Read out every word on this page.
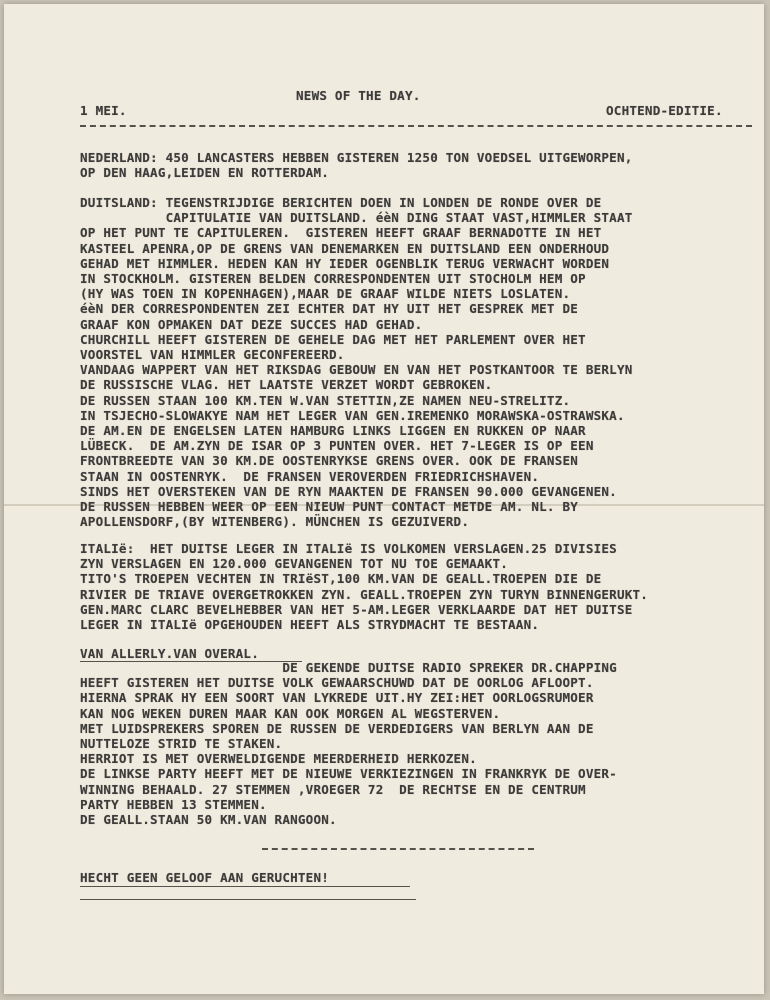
NEWS OF THE DAY.
1 MEI.	OCHTEND-EDITIE.
NEDERLAND: 450 LANCASTERS HEBBEN GISTEREN 1250 TON VOEDSEL UITGEWORPEN,
OP DEN HAAG,LEIDEN EN ROTTERDAM.
DUITSLAND: TEGENSTRIJDIGE BERICHTEN DOEN IN LONDEN DE RONDE OVER DE
CAPITULATIE VAN DUITSLAND. éèN DING STAAT VAST,HIMMLER STAAT
OP HET PUNT TE CAPITULEREN.  GISTEREN HEEFT GRAAF BERNADOTTE IN HET
KASTEEL APENRA,OP DE GRENS VAN DENEMARKEN EN DUITSLAND EEN ONDERHOUD
GEHAD MET HIMMLER. HEDEN KAN HY IEDER OGENBLIK TERUG VERWACHT WORDEN
IN STOCKHOLM. GISTEREN BELDEN CORRESPONDENTEN UIT STOCHOLM HEM OP
(HY WAS TOEN IN KOPENHAGEN),MAAR DE GRAAF WILDE NIETS LOSLATEN.
éèN DER CORRESPONDENTEN ZEI ECHTER DAT HY UIT HET GESPREK MET DE
GRAAF KON OPMAKEN DAT DEZE SUCCES HAD GEHAD.
CHURCHILL HEEFT GISTEREN DE GEHELE DAG MET HET PARLEMENT OVER HET
VOORSTEL VAN HIMMLER GECONFEREERD.
VANDAAG WAPPERT VAN HET RIKSDAG GEBOUW EN VAN HET POSTKANTOOR TE BERLYN
DE RUSSISCHE VLAG. HET LAATSTE VERZET WORDT GEBROKEN.
DE RUSSEN STAAN 100 KM.TEN W.VAN STETTIN,ZE NAMEN NEU-STRELITZ.
IN TSJECHO-SLOWAKYE NAM HET LEGER VAN GEN.IREMENKO MORAWSKA-OSTRAWSKA.
DE AM.EN DE ENGELSEN LATEN HAMBURG LINKS LIGGEN EN RUKKEN OP NAAR
LÜBECK.  DE AM.ZYN DE ISAR OP 3 PUNTEN OVER. HET 7-LEGER IS OP EEN
FRONTBREEDTE VAN 30 KM.DE OOSTENRYKSE GRENS OVER. OOK DE FRANSEN
STAAN IN OOSTENRYK.  DE FRANSEN VEROVERDEN FRIEDRICHSHAVEN.
SINDS HET OVERSTEKEN VAN DE RYN MAAKTEN DE FRANSEN 90.000 GEVANGENEN.
DE RUSSEN HEBBEN WEER OP EEN NIEUW PUNT CONTACT METDE AM. NL. BY
APOLLENSDORF,(BY WITENBERG). MÜNCHEN IS GEZUIVERD.
ITALIë:  HET DUITSE LEGER IN ITALIë IS VOLKOMEN VERSLAGEN.25 DIVISIES
ZYN VERSLAGEN EN 120.000 GEVANGENEN TOT NU TOE GEMAAKT.
TITO'S TROEPEN VECHTEN IN TRIëST,100 KM.VAN DE GEALL.TROEPEN DIE DE
RIVIER DE TRIAVE OVERGETROKKEN ZYN. GEALL.TROEPEN ZYN TURYN BINNENGERUKT.
GEN.MARC CLARC BEVELHEBBER VAN HET 5-AM.LEGER VERKLAARDE DAT HET DUITSE
LEGER IN ITALIë OPGEHOUDEN HEEFT ALS STRYDMACHT TE BESTAAN.
VAN ALLERLY.VAN OVERAL.
DE GEKENDE DUITSE RADIO SPREKER DR.CHAPPING
HEEFT GISTEREN HET DUITSE VOLK GEWAARSCHUWD DAT DE OORLOG AFLOOPT.
HIERNA SPRAK HY EEN SOORT VAN LYKREDE UIT.HY ZEI:HET OORLOGSRUMOER
KAN NOG WEKEN DUREN MAAR KAN OOK MORGEN AL WEGSTERVEN.
MET LUIDSPREKERS SPOREN DE RUSSEN DE VERDEDIGERS VAN BERLYN AAN DE
NUTTELOZE STRID TE STAKEN.
HERRIOT IS MET OVERWELDIGENDE MEERDERHEID HERKOZEN.
DE LINKSE PARTY HEEFT MET DE NIEUWE VERKIEZINGEN IN FRANKRYK DE OVER-
WINNING BEHAALD. 27 STEMMEN ,VROEGER 72  DE RECHTSE EN DE CENTRUM
PARTY HEBBEN 13 STEMMEN.
DE GEALL.STAAN 50 KM.VAN RANGOON.
HECHT GEEN GELOOF AAN GERUCHTEN!
